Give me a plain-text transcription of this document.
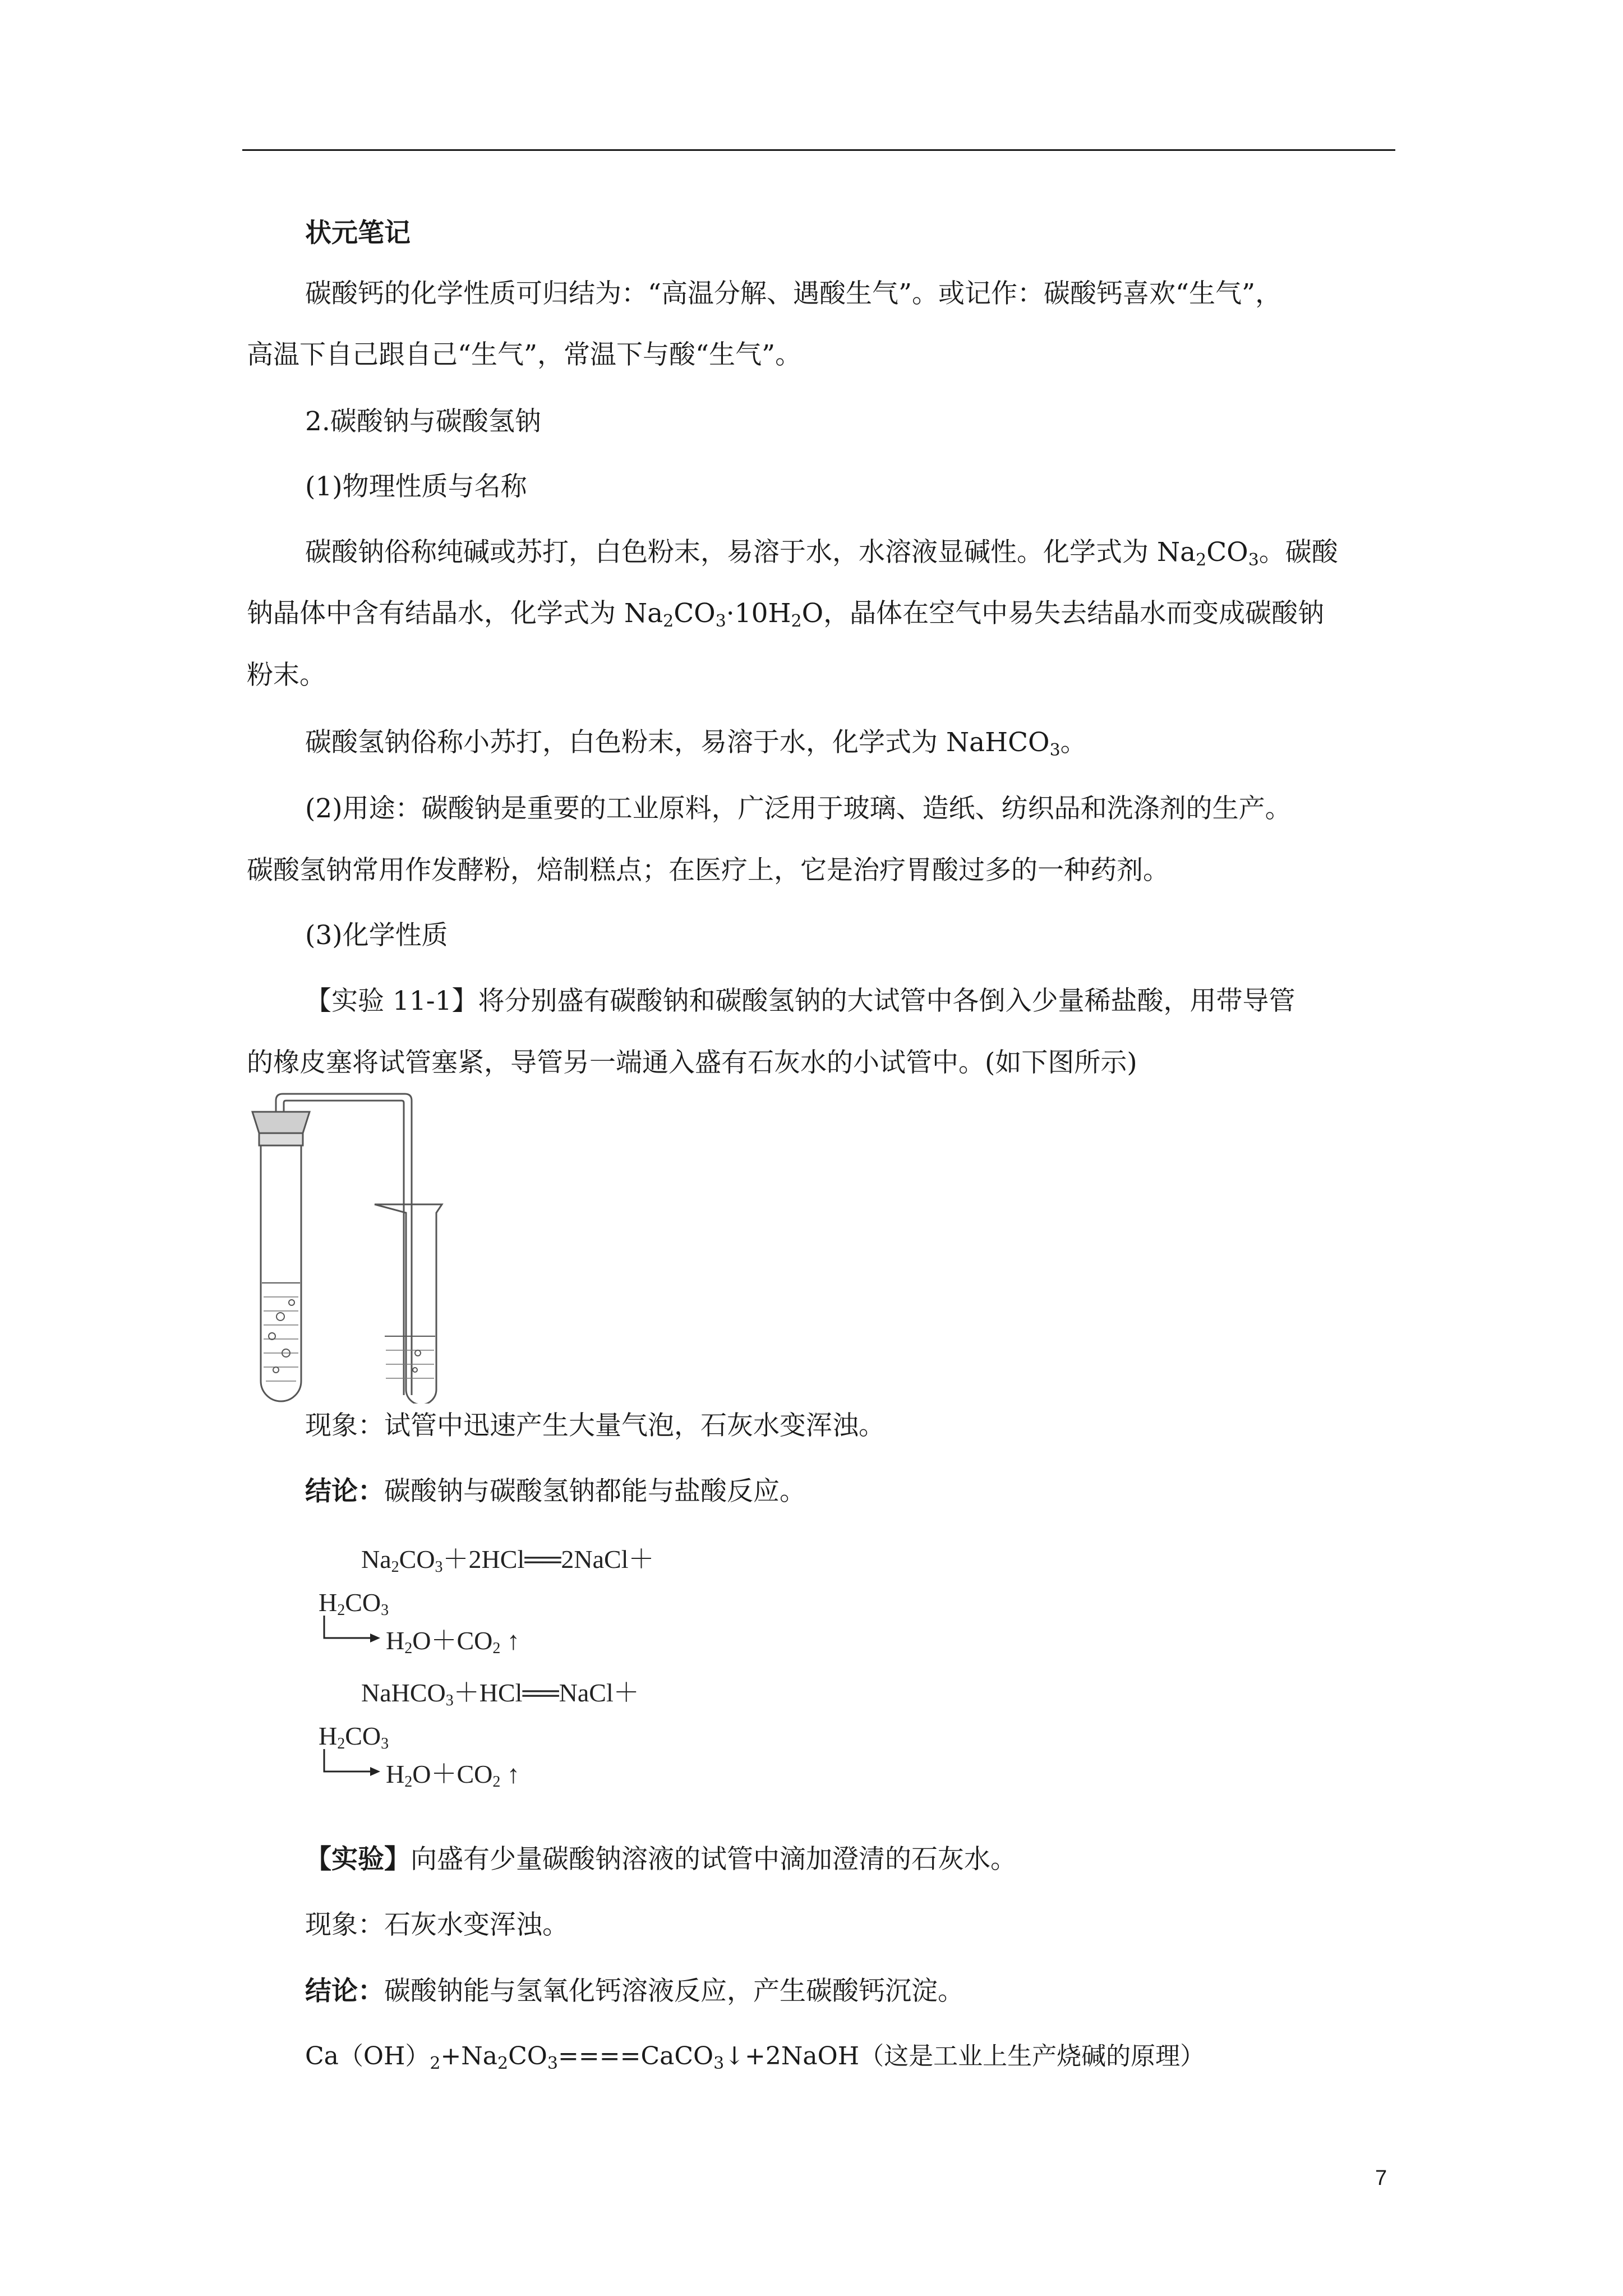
状元笔记

碳酸钙的化学性质可归结为：“高温分解、遇酸生气”。或记作：碳酸钙喜欢“生气”，

高温下自己跟自己“生气”，常温下与酸“生气”。

2.碳酸钠与碳酸氢钠

(1)物理性质与名称

碳酸钠俗称纯碱或苏打，白色粉末，易溶于水，水溶液显碱性。化学式为 $Na_2CO_3$。碳酸

钠晶体中含有结晶水，化学式为 $Na_2CO_3\cdot 10H_2O$，晶体在空气中易失去结晶水而变成碳酸钠

粉末。

碳酸氢钠俗称小苏打，白色粉末，易溶于水，化学式为 NaHCO$_3$。

(2)用途：碳酸钠是重要的工业原料，广泛用于玻璃、造纸、纺织品和洗涤剂的生产。

碳酸氢钠常用作发酵粉，焙制糕点；在医疗上，它是治疗胃酸过多的一种药剂。

(3)化学性质

【实验 11-1】将分别盛有碳酸钠和碳酸氢钠的大试管中各倒入少量稀盐酸，用带导管

的橡皮塞将试管塞紧，导管另一端通入盛有石灰水的小试管中。(如下图所示)

现象：试管中迅速产生大量气泡，石灰水变浑浊。

结论：碳酸钠与碳酸氢钠都能与盐酸反应。

$Na_2CO_3+2HCl══2NaCl+$
$H_2CO_3$
$H_2O+CO_2$ ↑
NaHCO$_3$＋HCl══NaCl＋
$H_2CO_3$
$H_2O+CO_2$ ↑

【实验】向盛有少量碳酸钠溶液的试管中滴加澄清的石灰水。

现象：石灰水变浑浊。

结论：碳酸钠能与氢氧化钙溶液反应，产生碳酸钙沉淀。

$Ca(OH)_2+Na_2CO_3====CaCO_3↓+2NaOH$（这是工业上生产烧碱的原理）

7
